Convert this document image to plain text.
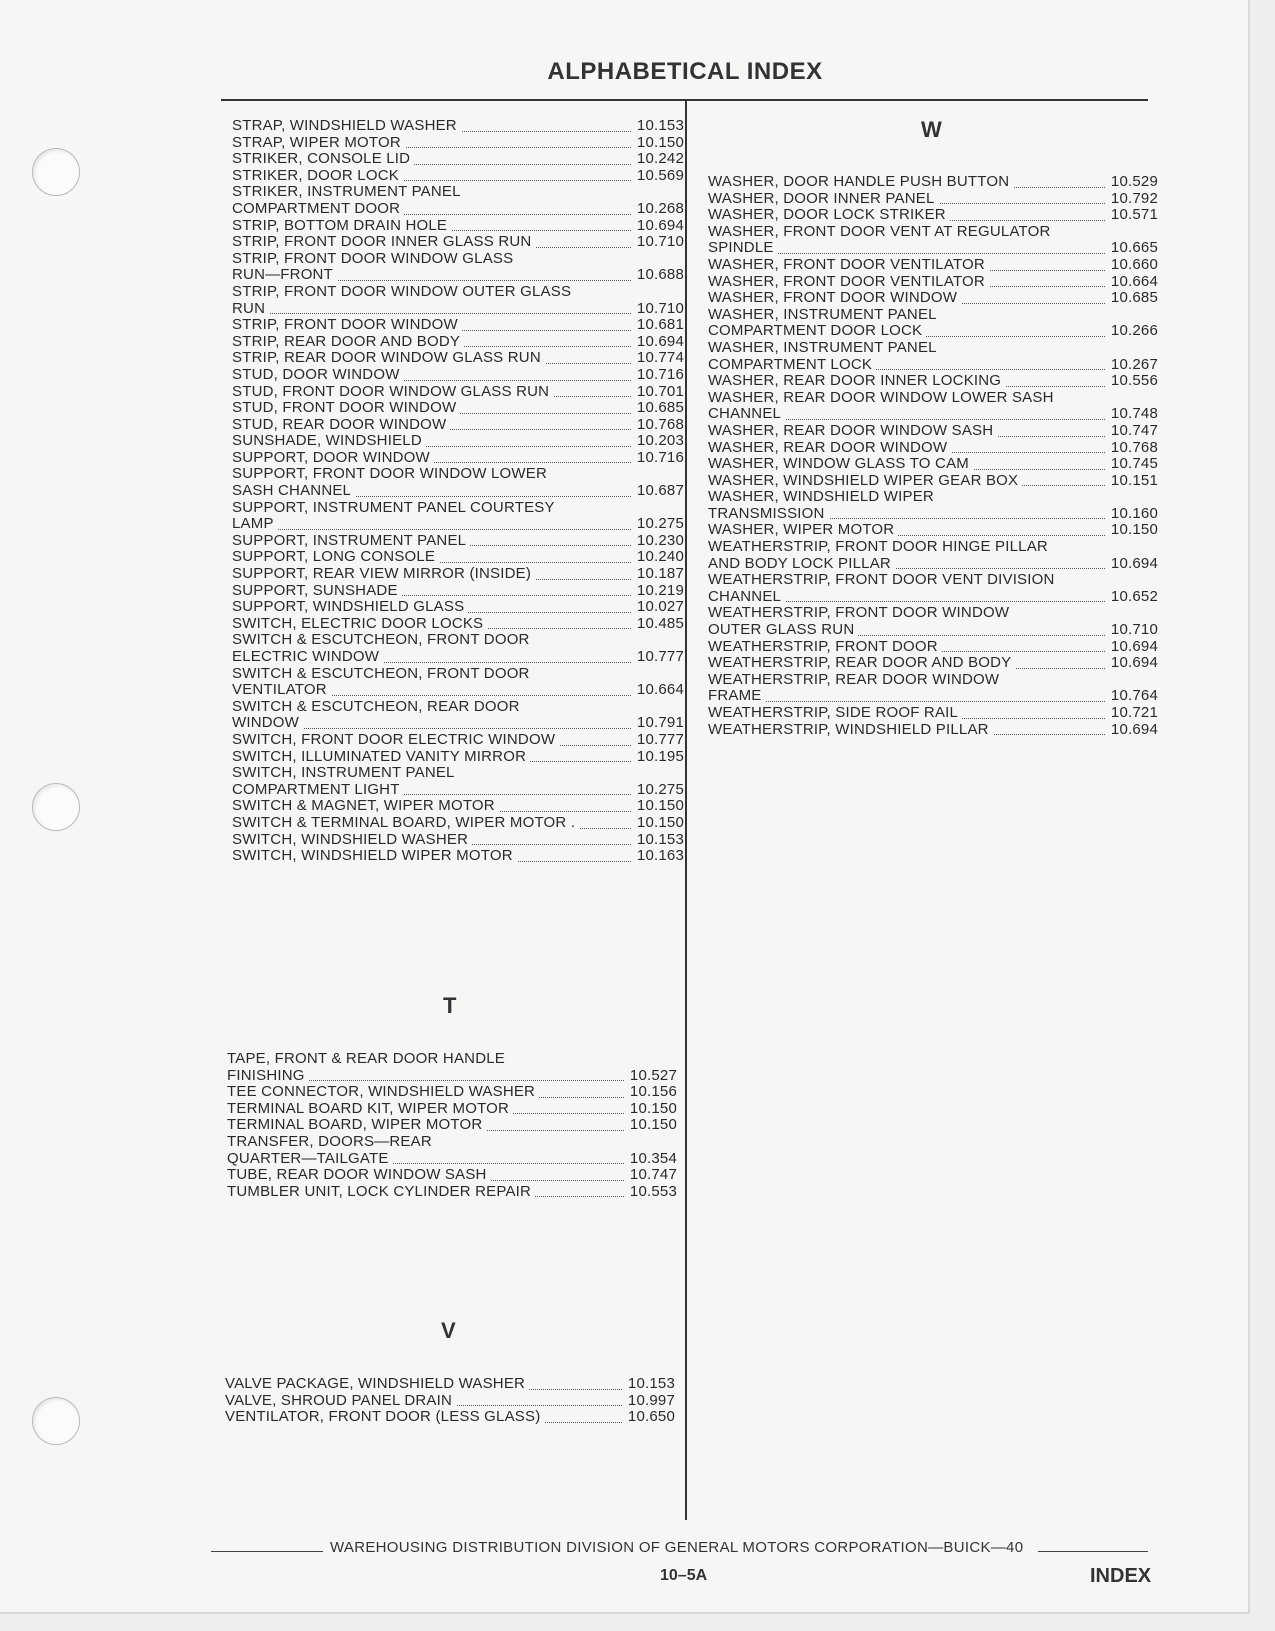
ALPHABETICAL INDEX
STRAP, WINDSHIELD WASHER	10.153
STRAP, WIPER MOTOR	10.150
STRIKER, CONSOLE LID	10.242
STRIKER, DOOR LOCK	10.569
STRIKER, INSTRUMENT PANEL
COMPARTMENT DOOR	10.268
STRIP, BOTTOM DRAIN HOLE	10.694
STRIP, FRONT DOOR INNER GLASS RUN	10.710
STRIP, FRONT DOOR WINDOW GLASS
RUN—FRONT	10.688
STRIP, FRONT DOOR WINDOW OUTER GLASS
RUN	10.710
STRIP, FRONT DOOR WINDOW	10.681
STRIP, REAR DOOR AND BODY	10.694
STRIP, REAR DOOR WINDOW GLASS RUN	10.774
STUD, DOOR WINDOW	10.716
STUD, FRONT DOOR WINDOW GLASS RUN	10.701
STUD, FRONT DOOR WINDOW	10.685
STUD, REAR DOOR WINDOW	10.768
SUNSHADE, WINDSHIELD	10.203
SUPPORT, DOOR WINDOW	10.716
SUPPORT, FRONT DOOR WINDOW LOWER
SASH CHANNEL	10.687
SUPPORT, INSTRUMENT PANEL COURTESY
LAMP	10.275
SUPPORT, INSTRUMENT PANEL	10.230
SUPPORT, LONG CONSOLE	10.240
SUPPORT, REAR VIEW MIRROR (INSIDE)	10.187
SUPPORT, SUNSHADE	10.219
SUPPORT, WINDSHIELD GLASS	10.027
SWITCH, ELECTRIC DOOR LOCKS	10.485
SWITCH & ESCUTCHEON, FRONT DOOR
ELECTRIC WINDOW	10.777
SWITCH & ESCUTCHEON, FRONT DOOR
VENTILATOR	10.664
SWITCH & ESCUTCHEON, REAR DOOR
WINDOW	10.791
SWITCH, FRONT DOOR ELECTRIC WINDOW	10.777
SWITCH, ILLUMINATED VANITY MIRROR	10.195
SWITCH, INSTRUMENT PANEL
COMPARTMENT LIGHT	10.275
SWITCH & MAGNET, WIPER MOTOR	10.150
SWITCH & TERMINAL BOARD, WIPER MOTOR .	10.150
SWITCH, WINDSHIELD WASHER	10.153
SWITCH, WINDSHIELD WIPER MOTOR	10.163
T
TAPE, FRONT & REAR DOOR HANDLE
FINISHING	10.527
TEE CONNECTOR, WINDSHIELD WASHER	10.156
TERMINAL BOARD KIT, WIPER MOTOR	10.150
TERMINAL BOARD, WIPER MOTOR	10.150
TRANSFER, DOORS—REAR
QUARTER—TAILGATE	10.354
TUBE, REAR DOOR WINDOW SASH	10.747
TUMBLER UNIT, LOCK CYLINDER REPAIR	10.553
V
VALVE PACKAGE, WINDSHIELD WASHER	10.153
VALVE, SHROUD PANEL DRAIN	10.997
VENTILATOR, FRONT DOOR (LESS GLASS)	10.650
W
WASHER, DOOR HANDLE PUSH BUTTON	10.529
WASHER, DOOR INNER PANEL	10.792
WASHER, DOOR LOCK STRIKER	10.571
WASHER, FRONT DOOR VENT AT REGULATOR
SPINDLE	10.665
WASHER, FRONT DOOR VENTILATOR	10.660
WASHER, FRONT DOOR VENTILATOR	10.664
WASHER, FRONT DOOR WINDOW	10.685
WASHER, INSTRUMENT PANEL
COMPARTMENT DOOR LOCK	10.266
WASHER, INSTRUMENT PANEL
COMPARTMENT LOCK	10.267
WASHER, REAR DOOR INNER LOCKING	10.556
WASHER, REAR DOOR WINDOW LOWER SASH
CHANNEL	10.748
WASHER, REAR DOOR WINDOW SASH	10.747
WASHER, REAR DOOR WINDOW	10.768
WASHER, WINDOW GLASS TO CAM	10.745
WASHER, WINDSHIELD WIPER GEAR BOX	10.151
WASHER, WINDSHIELD WIPER
TRANSMISSION	10.160
WASHER, WIPER MOTOR	10.150
WEATHERSTRIP, FRONT DOOR HINGE PILLAR
AND BODY LOCK PILLAR	10.694
WEATHERSTRIP, FRONT DOOR VENT DIVISION
CHANNEL	10.652
WEATHERSTRIP, FRONT DOOR WINDOW
OUTER GLASS RUN	10.710
WEATHERSTRIP, FRONT DOOR	10.694
WEATHERSTRIP, REAR DOOR AND BODY	10.694
WEATHERSTRIP, REAR DOOR WINDOW
FRAME	10.764
WEATHERSTRIP, SIDE ROOF RAIL	10.721
WEATHERSTRIP, WINDSHIELD PILLAR	10.694
WAREHOUSING DISTRIBUTION DIVISION OF GENERAL MOTORS CORPORATION—BUICK—40
10–5A	INDEX
